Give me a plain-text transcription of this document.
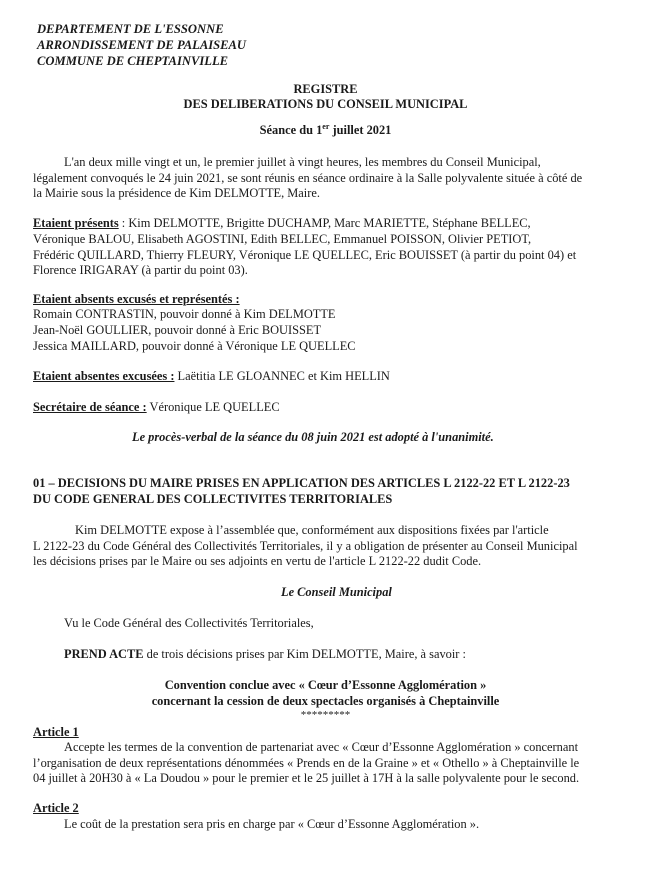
DEPARTEMENT DE L'ESSONNE
ARRONDISSEMENT DE PALAISEAU
COMMUNE DE CHEPTAINVILLE
REGISTRE
DES DELIBERATIONS DU CONSEIL MUNICIPAL
Séance du 1er juillet 2021
L'an deux mille vingt et un, le premier juillet à vingt heures, les membres du Conseil Municipal,
légalement convoqués le 24 juin 2021, se sont réunis en séance ordinaire à la Salle polyvalente située à côté de
la Mairie sous la présidence de Kim DELMOTTE, Maire.
Etaient présents : Kim DELMOTTE, Brigitte DUCHAMP, Marc MARIETTE, Stéphane BELLEC,
Véronique BALOU, Elisabeth AGOSTINI, Edith BELLEC, Emmanuel POISSON, Olivier PETIOT,
Frédéric QUILLARD, Thierry FLEURY, Véronique LE QUELLEC, Eric BOUISSET (à partir du point 04) et
Florence IRIGARAY (à partir du point 03).
Etaient absents excusés et représentés :
Romain CONTRASTIN, pouvoir donné à Kim DELMOTTE
Jean-Noël GOULLIER, pouvoir donné à Eric BOUISSET
Jessica MAILLARD, pouvoir donné à Véronique LE QUELLEC
Etaient absentes excusées : Laëtitia LE GLOANNEC et Kim HELLIN
Secrétaire de séance : Véronique LE QUELLEC
Le procès-verbal de la séance du 08 juin 2021 est adopté à l'unanimité.
01 – DECISIONS DU MAIRE PRISES EN APPLICATION DES ARTICLES L 2122-22 ET L 2122-23
DU CODE GENERAL DES COLLECTIVITES TERRITORIALES
Kim DELMOTTE expose à l’assemblée que, conformément aux dispositions fixées par l'article
L 2122-23 du Code Général des Collectivités Territoriales, il y a obligation de présenter au Conseil Municipal
les décisions prises par le Maire ou ses adjoints en vertu de l'article L 2122-22 dudit Code.
Le Conseil Municipal
Vu le Code Général des Collectivités Territoriales,
PREND ACTE de trois décisions prises par Kim DELMOTTE, Maire, à savoir :
Convention conclue avec « Cœur d’Essonne Agglomération »
concernant la cession de deux spectacles organisés à Cheptainville
*********
Article 1
Accepte les termes de la convention de partenariat avec « Cœur d’Essonne Agglomération » concernant
l’organisation de deux représentations dénommées « Prends en de la Graine » et « Othello » à Cheptainville le
04 juillet à 20H30 à « La Doudou » pour le premier et le 25 juillet à 17H à la salle polyvalente pour le second.
Article 2
Le coût de la prestation sera pris en charge par « Cœur d’Essonne Agglomération ».
